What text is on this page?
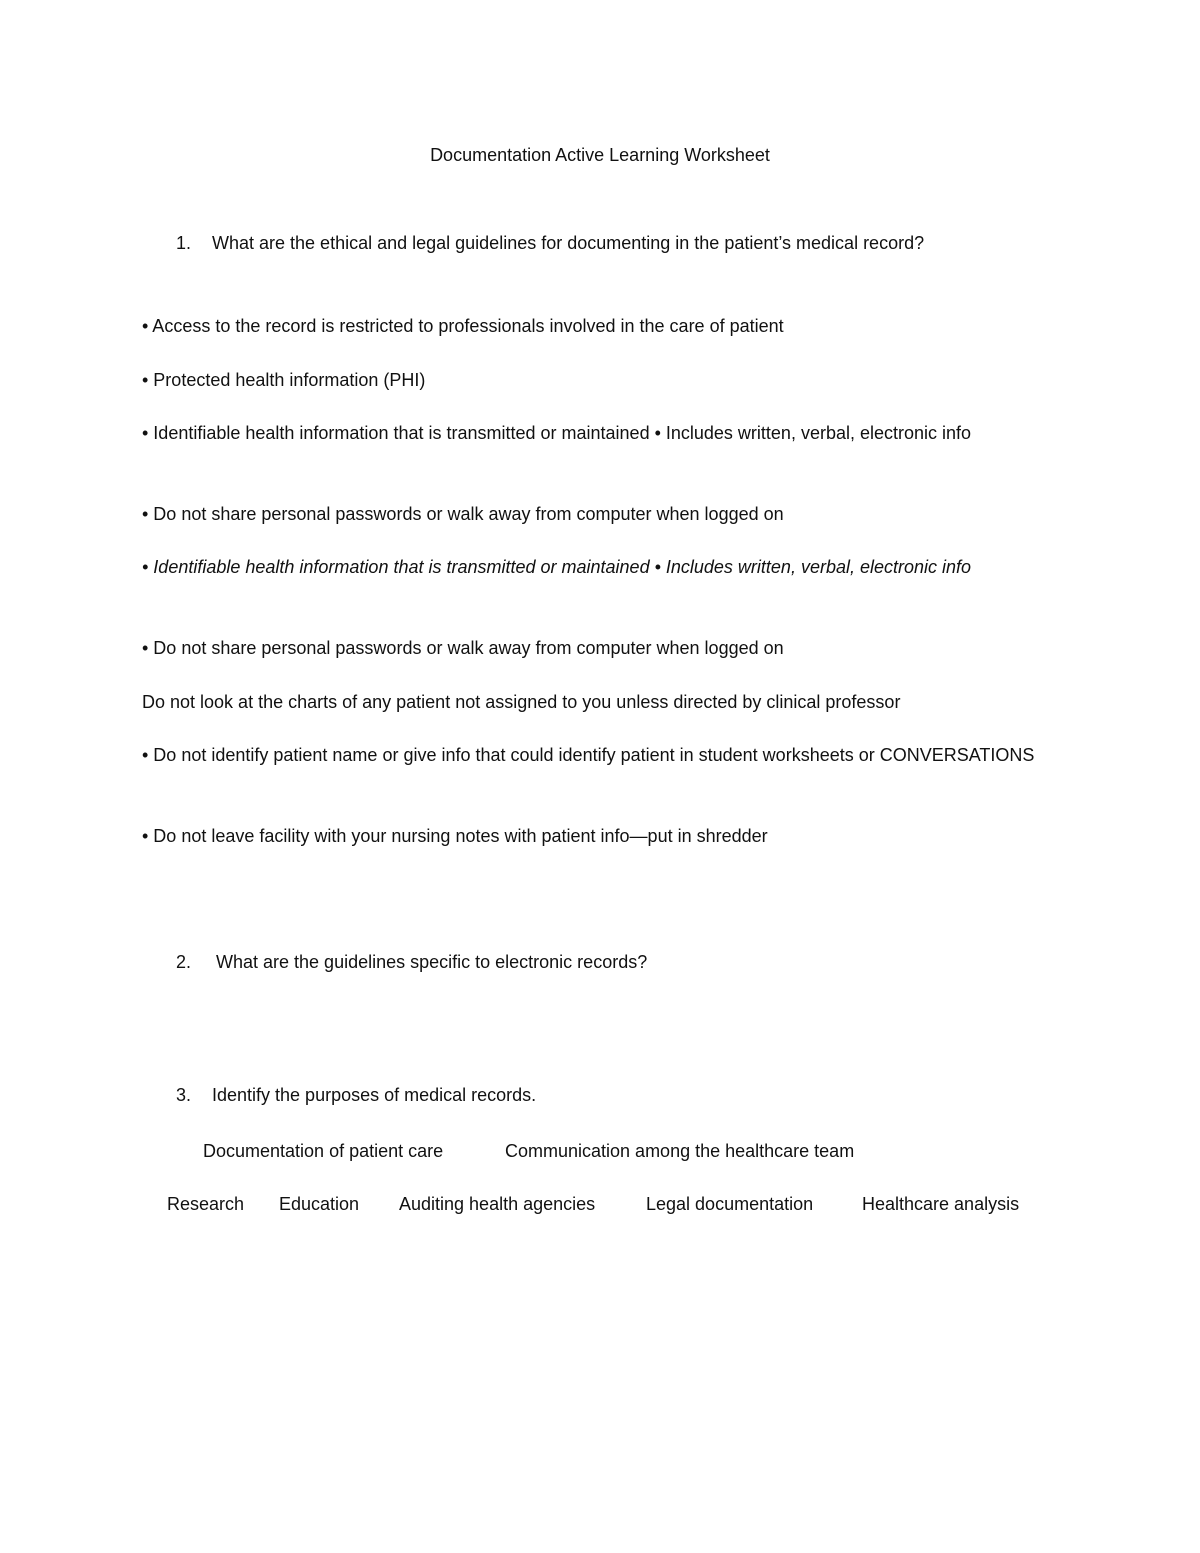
Documentation Active Learning Worksheet
1. What are the ethical and legal guidelines for documenting in the patient’s medical record?
• Access to the record is restricted to professionals involved in the care of patient
• Protected health information (PHI)
• Identifiable health information that is transmitted or maintained • Includes written, verbal, electronic info
• Do not share personal passwords or walk away from computer when logged on
• Identifiable health information that is transmitted or maintained • Includes written, verbal, electronic info
• Do not share personal passwords or walk away from computer when logged on
Do not look at the charts of any patient not assigned to you unless directed by clinical professor
• Do not identify patient name or give info that could identify patient in student worksheets or CONVERSATIONS
• Do not leave facility with your nursing notes with patient info—put in shredder
2. What are the guidelines specific to electronic records?
3. Identify the purposes of medical records.
Documentation of patient care	Communication among the healthcare team
Research Education Auditing health agencies	Legal documentation	Healthcare analysis
